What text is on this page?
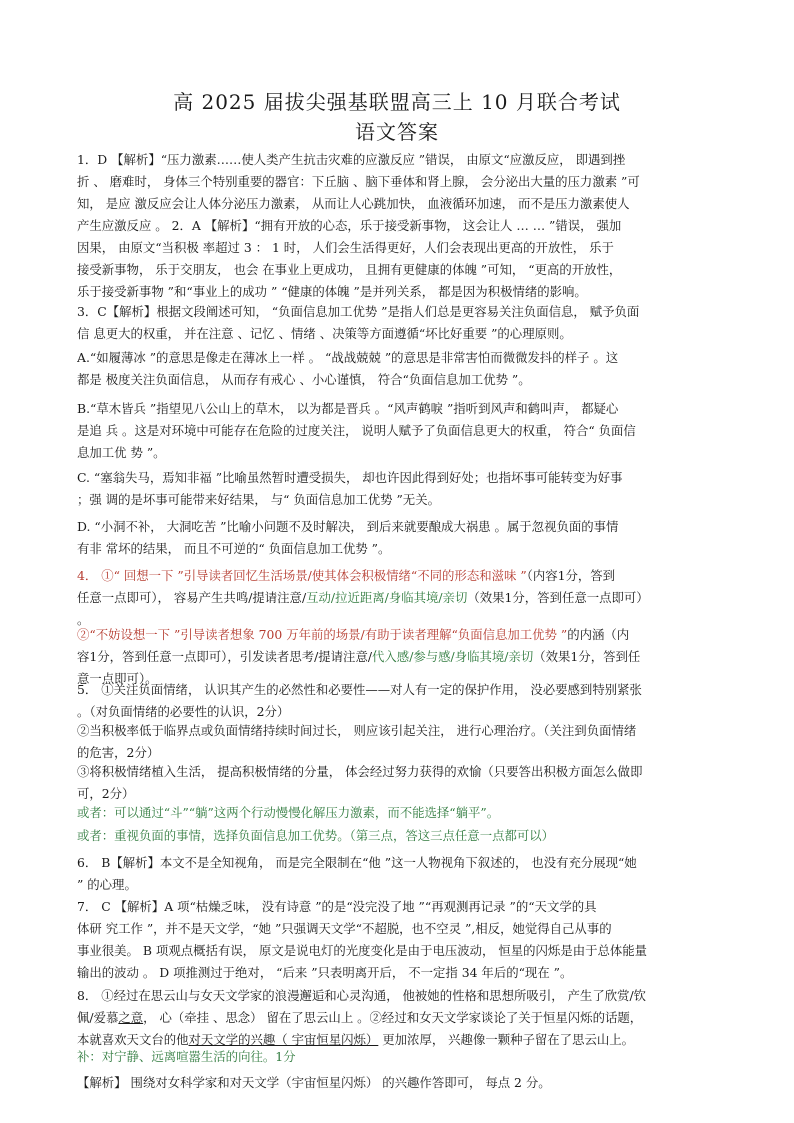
高 2025 届拔尖强基联盟高三上 10 月联合考试
语文答案
1．D 【解析】“压力激素……使人类产生抗击灾难的应激反应 ”错误， 由原文“应激反应， 即遇到挫
折 、 磨难时， 身体三个特别重要的器官：下丘脑 、脑下垂体和肾上腺， 会分泌出大量的压力激素 ”可
知， 是应 激反应会让人体分泌压力激素， 从而让人心跳加快， 血液循环加速， 而不是压力激素使人
产生应激反应 。 2．A 【解析】“拥有开放的心态，乐于接受新事物， 这会让人 … … ”错误， 强加
因果， 由原文“当积极 率超过 3 ： 1 时， 人们会生活得更好，人们会表现出更高的开放性， 乐于
接受新事物， 乐于交朋友， 也会 在事业上更成功， 且拥有更健康的体魄 ”可知， “更高的开放性，
乐于接受新事物 ”和“事业上的成功 ” “健康的体魄 ”是并列关系， 都是因为积极情绪的影响。
3．C【解析】根据文段阐述可知， “负面信息加工优势 ”是指人们总是更容易关注负面信息， 赋予负面
信 息更大的权重， 并在注意 、记忆 、情绪 、决策等方面遵循“坏比好重要 ”的心理原则。
A.“如履薄冰 ”的意思是像走在薄冰上一样 。 “战战兢兢 ”的意思是非常害怕而微微发抖的样子 。这
都是 极度关注负面信息， 从而存有戒心 、小心谨慎， 符合“负面信息加工优势 ”。
B.“草木皆兵 ”指望见八公山上的草木， 以为都是晋兵 。“风声鹤唳 ”指听到风声和鹤叫声， 都疑心
是追 兵 。这是对环境中可能存在危险的过度关注， 说明人赋予了负面信息更大的权重， 符合“ 负面信
息加工优 势 ”。
C. “塞翁失马，焉知非福 ”比喻虽然暂时遭受损失， 却也许因此得到好处；也指坏事可能转变为好事
；强 调的是坏事可能带来好结果， 与“ 负面信息加工优势 ”无关。
D. “小洞不补， 大洞吃苦 ”比喻小问题不及时解决， 到后来就要酿成大祸患 。属于忽视负面的事情
有非 常坏的结果， 而且不可逆的“ 负面信息加工优势 ”。
4． ①“ 回想一下 ”引导读者回忆生活场景/使其体会积极情绪“不同的形态和滋味 ”（内容1分，答到
任意一点即可）， 容易产生共鸣/提请注意/互动/拉近距离/身临其境/亲切（效果1分，答到任意一点即可）
。
②“不妨设想一下 ”引导读者想象 700 万年前的场景/有助于读者理解“负面信息加工优势 ”的内涵（内
容1分，答到任意一点即可），引发读者思考/提请注意/代入感/参与感/身临其境/亲切（效果1分，答到任
意一点即可）。
5． ①关注负面情绪， 认识其产生的必然性和必要性——对人有一定的保护作用， 没必要感到特别紧张
。（对负面情绪的必要性的认识，2分）
②当积极率低于临界点或负面情绪持续时间过长， 则应该引起关注， 进行心理治疗。（关注到负面情绪
的危害，2分）
③将积极情绪植入生活， 提高积极情绪的分量， 体会经过努力获得的欢愉（只要答出积极方面怎么做即
可，2分）
或者：可以通过“斗”“躺”这两个行动慢慢化解压力激素，而不能选择“躺平”。
或者：重视负面的事情，选择负面信息加工优势。（第三点，答这三点任意一点都可以）
6． B【解析】本文不是全知视角， 而是完全限制在“他 ”这一人物视角下叙述的， 也没有充分展现“她
” 的心理。
7． C 【解析】A 项“枯燥乏味， 没有诗意 ”的是“没完没了地 ”“再观测再记录 ”的“天文学的具
体研 究工作 ”，并不是天文学，“她 ”只强调天文学“不超脱，也不空灵 ”,相反，她觉得自己从事的
事业很美。 B 项观点概括有误， 原文是说电灯的光度变化是由于电压波动， 恒星的闪烁是由于总体能量
输出的波动 。 D 项推测过于绝对， “后来 ”只表明离开后， 不一定指 34 年后的“现在 ”。
8． ①经过在思云山与女天文学家的浪漫邂逅和心灵沟通， 他被她的性格和思想所吸引， 产生了欣赏/钦
佩/爱慕之意， 心（牵挂 、思念） 留在了思云山上 。②经过和女天文学家谈论了关于恒星闪烁的话题，
本就喜欢天文台的他对天文学的兴趣（ 宇宙恒星闪烁） 更加浓厚， 兴趣像一颗种子留在了思云山上。
补：对宁静、远离喧嚣生活的向往。1分
【解析】 围绕对女科学家和对天文学（宇宙恒星闪烁） 的兴趣作答即可， 每点 2 分。
